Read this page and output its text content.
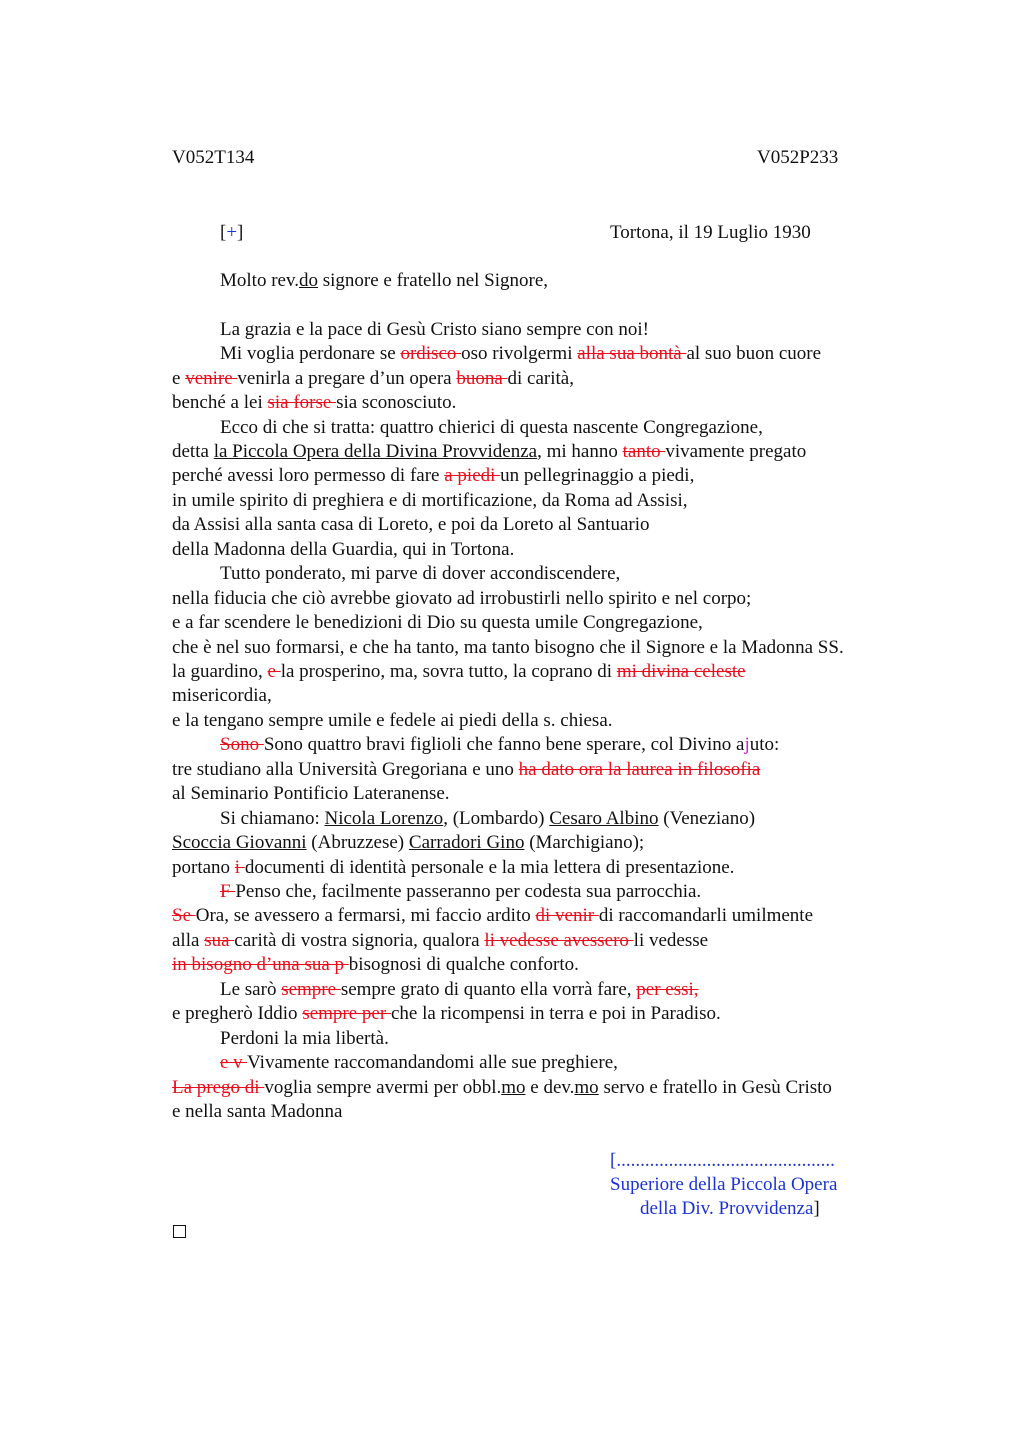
V052T134	V052P233
[+]	Tortona, il 19 Luglio 1930
Molto rev.do signore e fratello nel Signore,
La grazia e la pace di Gesù Cristo siano sempre con noi!
Mi voglia perdonare se ordisco oso rivolgermi alla sua bontà al suo buon cuore
e venire venirla a pregare d’un opera buona di carità,
benché a lei sia forse sia sconosciuto.
Ecco di che si tratta: quattro chierici di questa nascente Congregazione,
detta la Piccola Opera della Divina Provvidenza, mi hanno tanto vivamente pregato
perché avessi loro permesso di fare a piedi un pellegrinaggio a piedi,
in umile spirito di preghiera e di mortificazione, da Roma ad Assisi,
da Assisi alla santa casa di Loreto, e poi da Loreto al Santuario
della Madonna della Guardia, qui in Tortona.
Tutto ponderato, mi parve di dover accondiscendere,
nella fiducia che ciò avrebbe giovato ad irrobustirli nello spirito e nel corpo;
e a far scendere le benedizioni di Dio su questa umile Congregazione,
che è nel suo formarsi, e che ha tanto, ma tanto bisogno che il Signore e la Madonna SS.
la guardino, e la prosperino, ma, sovra tutto, la coprano di mi divina celeste
misericordia,
e la tengano sempre umile e fedele ai piedi della s. chiesa.
Sono Sono quattro bravi figlioli che fanno bene sperare, col Divino ajuto:
tre studiano alla Università Gregoriana e uno ha dato ora la laurea in filosofia
al Seminario Pontificio Lateranense.
Si chiamano: Nicola Lorenzo, (Lombardo) Cesaro Albino (Veneziano)
Scoccia Giovanni (Abruzzese) Carradori Gino (Marchigiano);
portano i documenti di identità personale e la mia lettera di presentazione.
F Penso che, facilmente passeranno per codesta sua parrocchia.
Se Ora, se avessero a fermarsi, mi faccio ardito di venir di raccomandarli umilmente
alla sua carità di vostra signoria, qualora li vedesse avessero li vedesse
in bisogno d’una sua p bisognosi di qualche conforto.
Le sarò sempre sempre grato di quanto ella vorrà fare, per essi,
e pregherò Iddio sempre per che la ricompensi in terra e poi in Paradiso.
Perdoni la mia libertà.
e v Vivamente raccomandandomi alle sue preghiere,
La prego di voglia sempre avermi per obbl.mo e dev.mo servo e fratello in Gesù Cristo
e nella santa Madonna
[..............................................
Superiore della Piccola Opera
della Div. Provvidenza]
